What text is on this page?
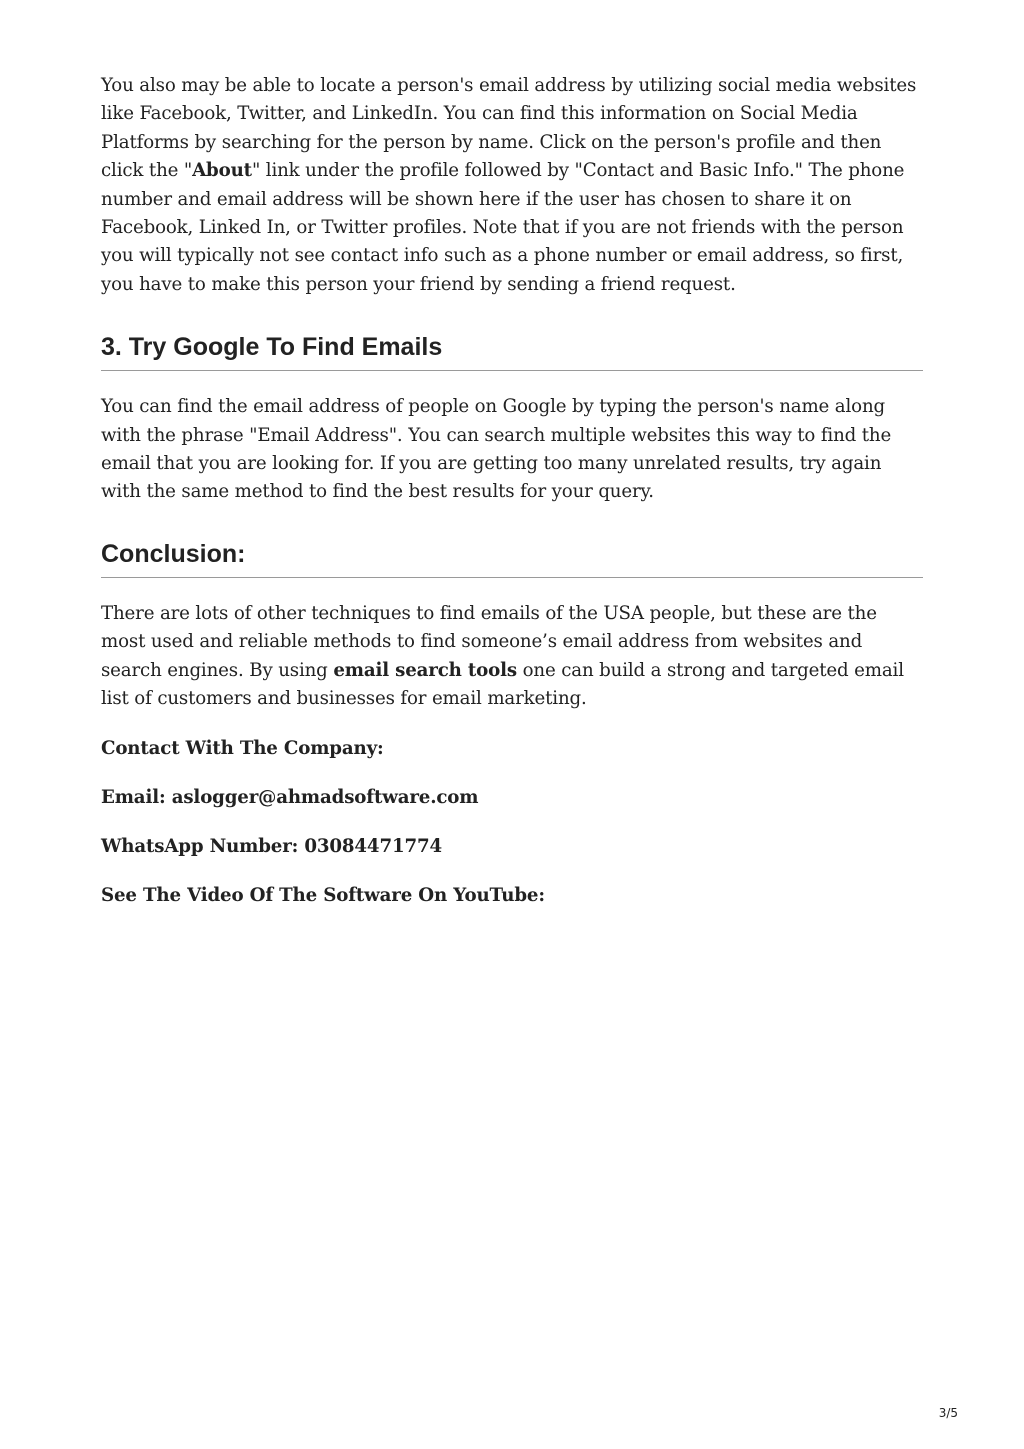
You also may be able to locate a person's email address by utilizing social media websites like Facebook, Twitter, and LinkedIn. You can find this information on Social Media Platforms by searching for the person by name. Click on the person's profile and then click the "About" link under the profile followed by "Contact and Basic Info." The phone number and email address will be shown here if the user has chosen to share it on Facebook, Linked In, or Twitter profiles. Note that if you are not friends with the person you will typically not see contact info such as a phone number or email address, so first, you have to make this person your friend by sending a friend request.

3. Try Google To Find Emails

You can find the email address of people on Google by typing the person's name along with the phrase "Email Address". You can search multiple websites this way to find the email that you are looking for. If you are getting too many unrelated results, try again with the same method to find the best results for your query.

Conclusion:

There are lots of other techniques to find emails of the USA people, but these are the most used and reliable methods to find someone’s email address from websites and search engines. By using email search tools one can build a strong and targeted email list of customers and businesses for email marketing.

Contact With The Company:

Email: aslogger@ahmadsoftware.com

WhatsApp Number: 03084471774

See The Video Of The Software On YouTube:

3/5
